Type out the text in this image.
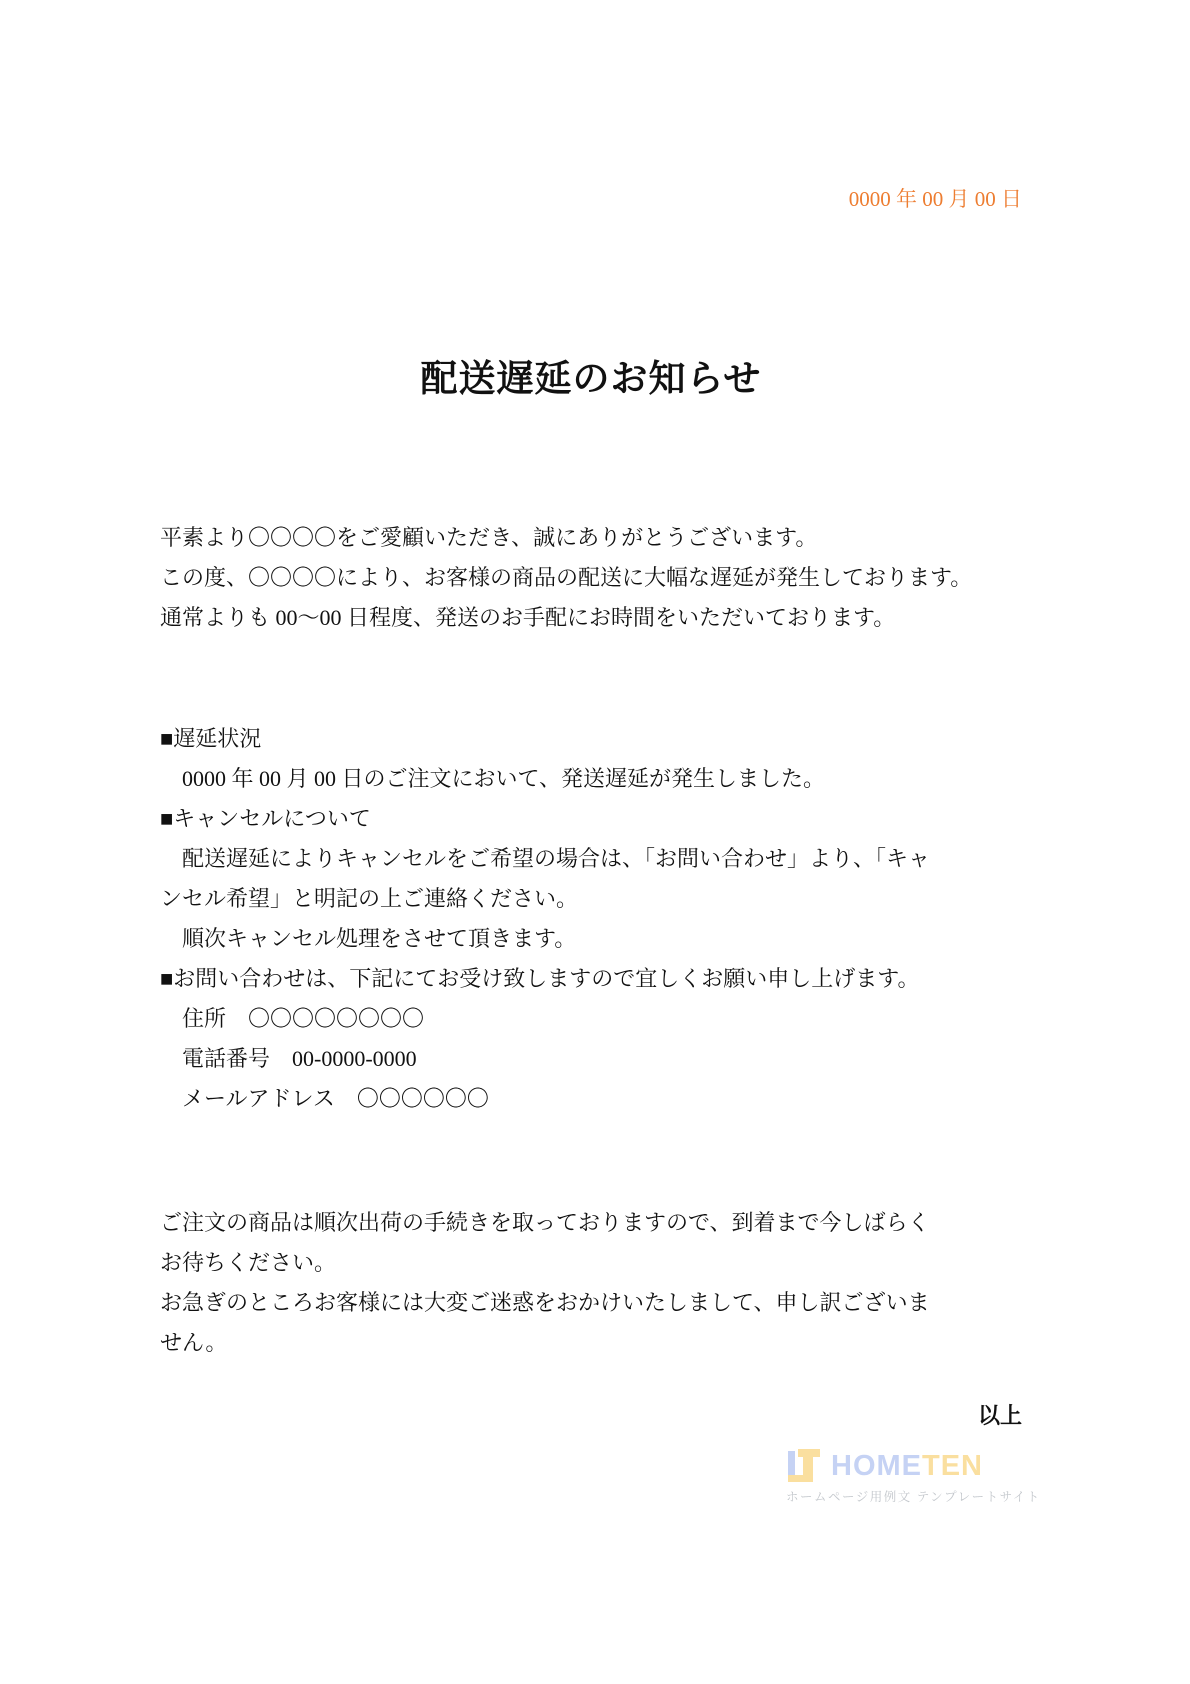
0000 年 00 月 00 日
配送遅延のお知らせ
平素より〇〇〇〇をご愛顧いただき、誠にありがとうございます。
この度、〇〇〇〇により、お客様の商品の配送に大幅な遅延が発生しております。
通常よりも 00～00 日程度、発送のお手配にお時間をいただいております。
■遅延状況
0000 年 00 月 00 日のご注文において、発送遅延が発生しました。
■キャンセルについて
配送遅延によりキャンセルをご希望の場合は、「お問い合わせ」より、「キャ
ンセル希望」と明記の上ご連絡ください。
順次キャンセル処理をさせて頂きます。
■お問い合わせは、下記にてお受け致しますので宜しくお願い申し上げます。
住所　〇〇〇〇〇〇〇〇
電話番号　00-0000-0000
メールアドレス　〇〇〇〇〇〇
ご注文の商品は順次出荷の手続きを取っておりますので、到着まで今しばらく
お待ちください。
お急ぎのところお客様には大変ご迷惑をおかけいたしまして、申し訳ございま
せん。
以上
HOMETEN
ホームページ用例文 テンプレートサイト
